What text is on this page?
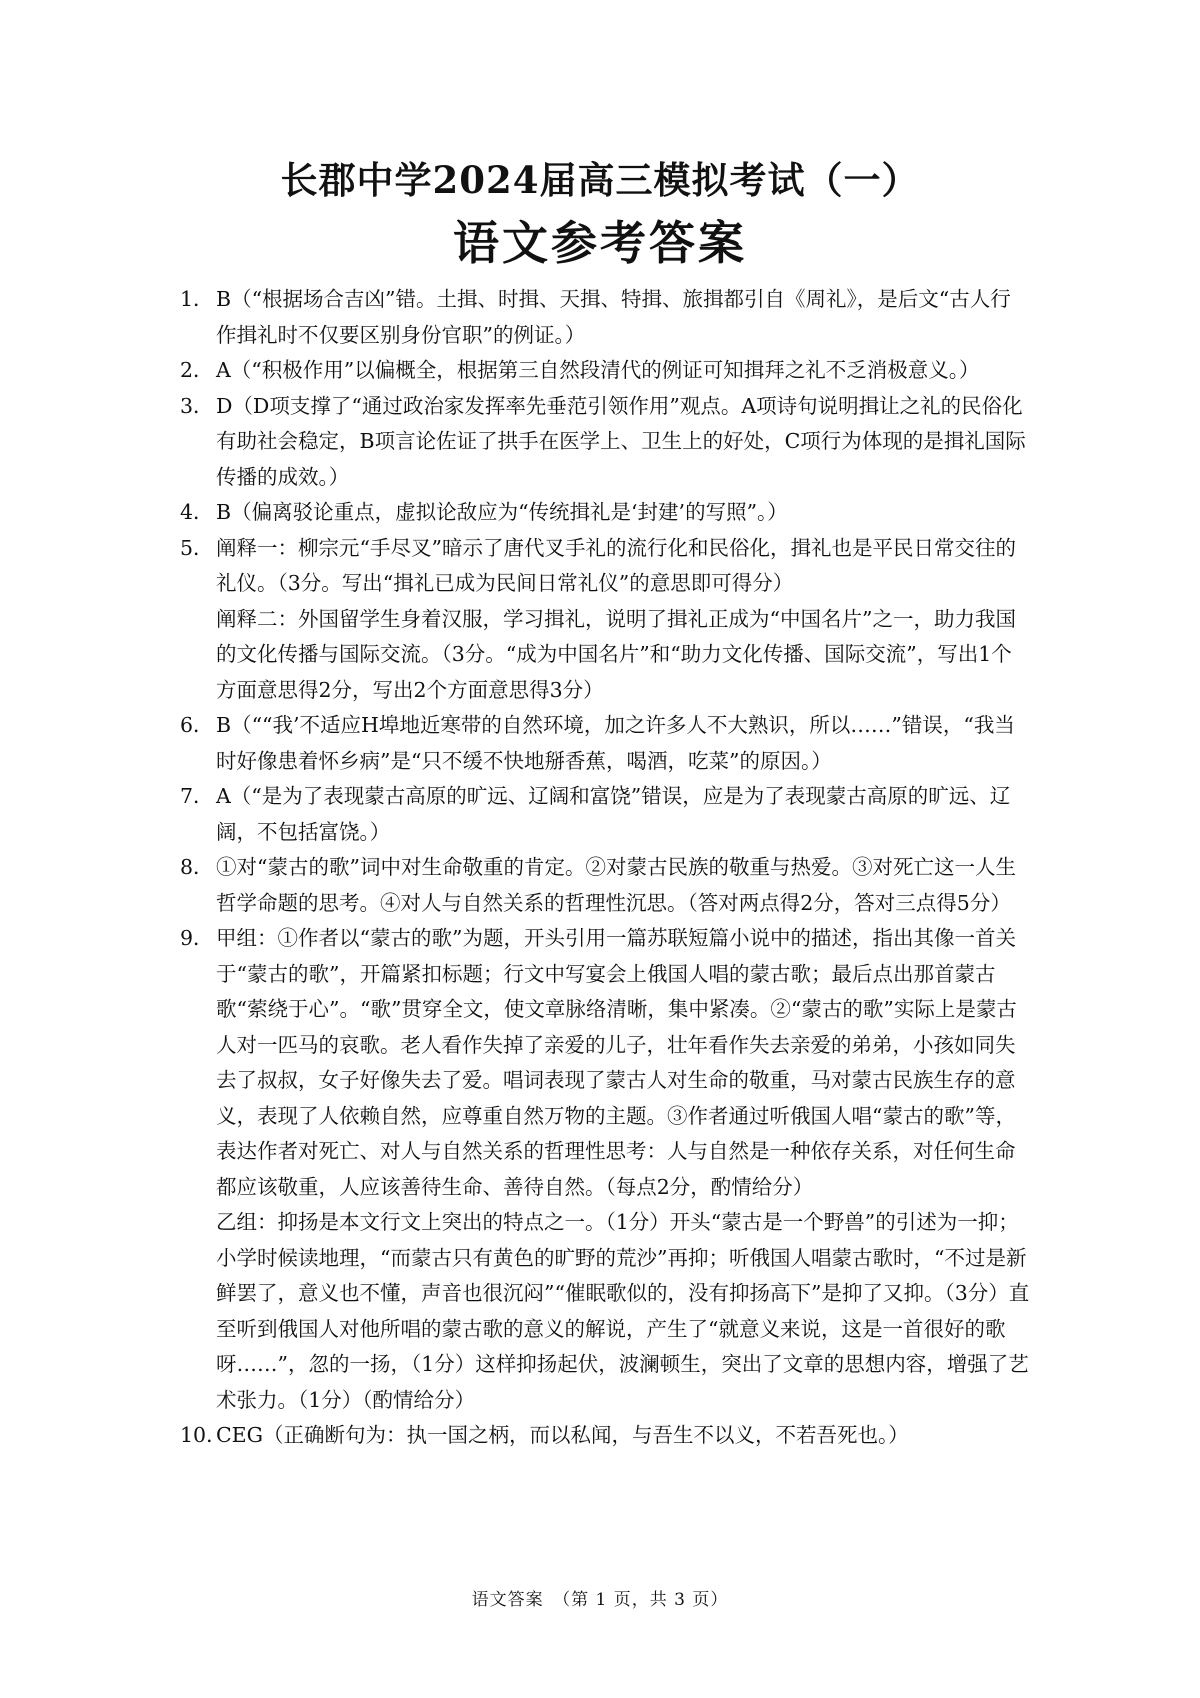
长郡中学2024届高三模拟考试（一）
语文参考答案

1． B（“根据场合吉凶”错。土揖、时揖、天揖、特揖、旅揖都引自《周礼》，是后文“古人行作揖礼时不仅要区别身份官职”的例证。）

2． A（“积极作用”以偏概全，根据第三自然段清代的例证可知揖拜之礼不乏消极意义。）

3． D（D项支撑了“通过政治家发挥率先垂范引领作用”观点。A项诗句说明揖让之礼的民俗化有助社会稳定，B项言论佐证了拱手在医学上、卫生上的好处，C项行为体现的是揖礼国际传播的成效。）

4． B（偏离驳论重点，虚拟论敌应为“传统揖礼是‘封建’的写照”。）

5． 阐释一：柳宗元“手尽叉”暗示了唐代叉手礼的流行化和民俗化，揖礼也是平民日常交往的礼仪。（3分。写出“揖礼已成为民间日常礼仪”的意思即可得分）

阐释二：外国留学生身着汉服，学习揖礼，说明了揖礼正成为“中国名片”之一，助力我国的文化传播与国际交流。（3分。“成为中国名片”和“助力文化传播、国际交流”，写出1个方面意思得2分，写出2个方面意思得3分）

6． B（““我’不适应H埠地近寒带的自然环境，加之许多人不大熟识，所以……”错误，“我当时好像患着怀乡病”是“只不缓不快地掰香蕉，喝酒，吃菜”的原因。）

7． A（“是为了表现蒙古高原的旷远、辽阔和富饶”错误，应是为了表现蒙古高原的旷远、辽阔，不包括富饶。）

8． ①对“蒙古的歌”词中对生命敬重的肯定。②对蒙古民族的敬重与热爱。③对死亡这一人生哲学命题的思考。④对人与自然关系的哲理性沉思。（答对两点得2分，答对三点得5分）

9． 甲组：①作者以“蒙古的歌”为题，开头引用一篇苏联短篇小说中的描述，指出其像一首关于“蒙古的歌”，开篇紧扣标题；行文中写宴会上俄国人唱的蒙古歌；最后点出那首蒙古歌“萦绕于心”。“歌”贯穿全文，使文章脉络清晰，集中紧凑。②“蒙古的歌”实际上是蒙古人对一匹马的哀歌。老人看作失掉了亲爱的儿子，壮年看作失去亲爱的弟弟，小孩如同失去了叔叔，女子好像失去了爱。唱词表现了蒙古人对生命的敬重，马对蒙古民族生存的意义，表现了人依赖自然，应尊重自然万物的主题。③作者通过听俄国人唱“蒙古的歌”等，表达作者对死亡、对人与自然关系的哲理性思考：人与自然是一种依存关系，对任何生命都应该敬重，人应该善待生命、善待自然。（每点2分，酌情给分）

乙组：抑扬是本文行文上突出的特点之一。（1分）开头“蒙古是一个野兽”的引述为一抑；小学时候读地理，“而蒙古只有黄色的旷野的荒沙”再抑；听俄国人唱蒙古歌时，“不过是新鲜罢了，意义也不懂，声音也很沉闷”“催眠歌似的，没有抑扬高下”是抑了又抑。（3分）直至听到俄国人对他所唱的蒙古歌的意义的解说，产生了“就意义来说，这是一首很好的歌呀……”，忽的一扬，（1分）这样抑扬起伏，波澜顿生，突出了文章的思想内容，增强了艺术张力。（1分）（酌情给分）

10．
CEG（正确断句为：执一国之柄，而以私闻，与吾生不以义，不若吾死也。）

语文答案　（第 1 页，共 3 页）
